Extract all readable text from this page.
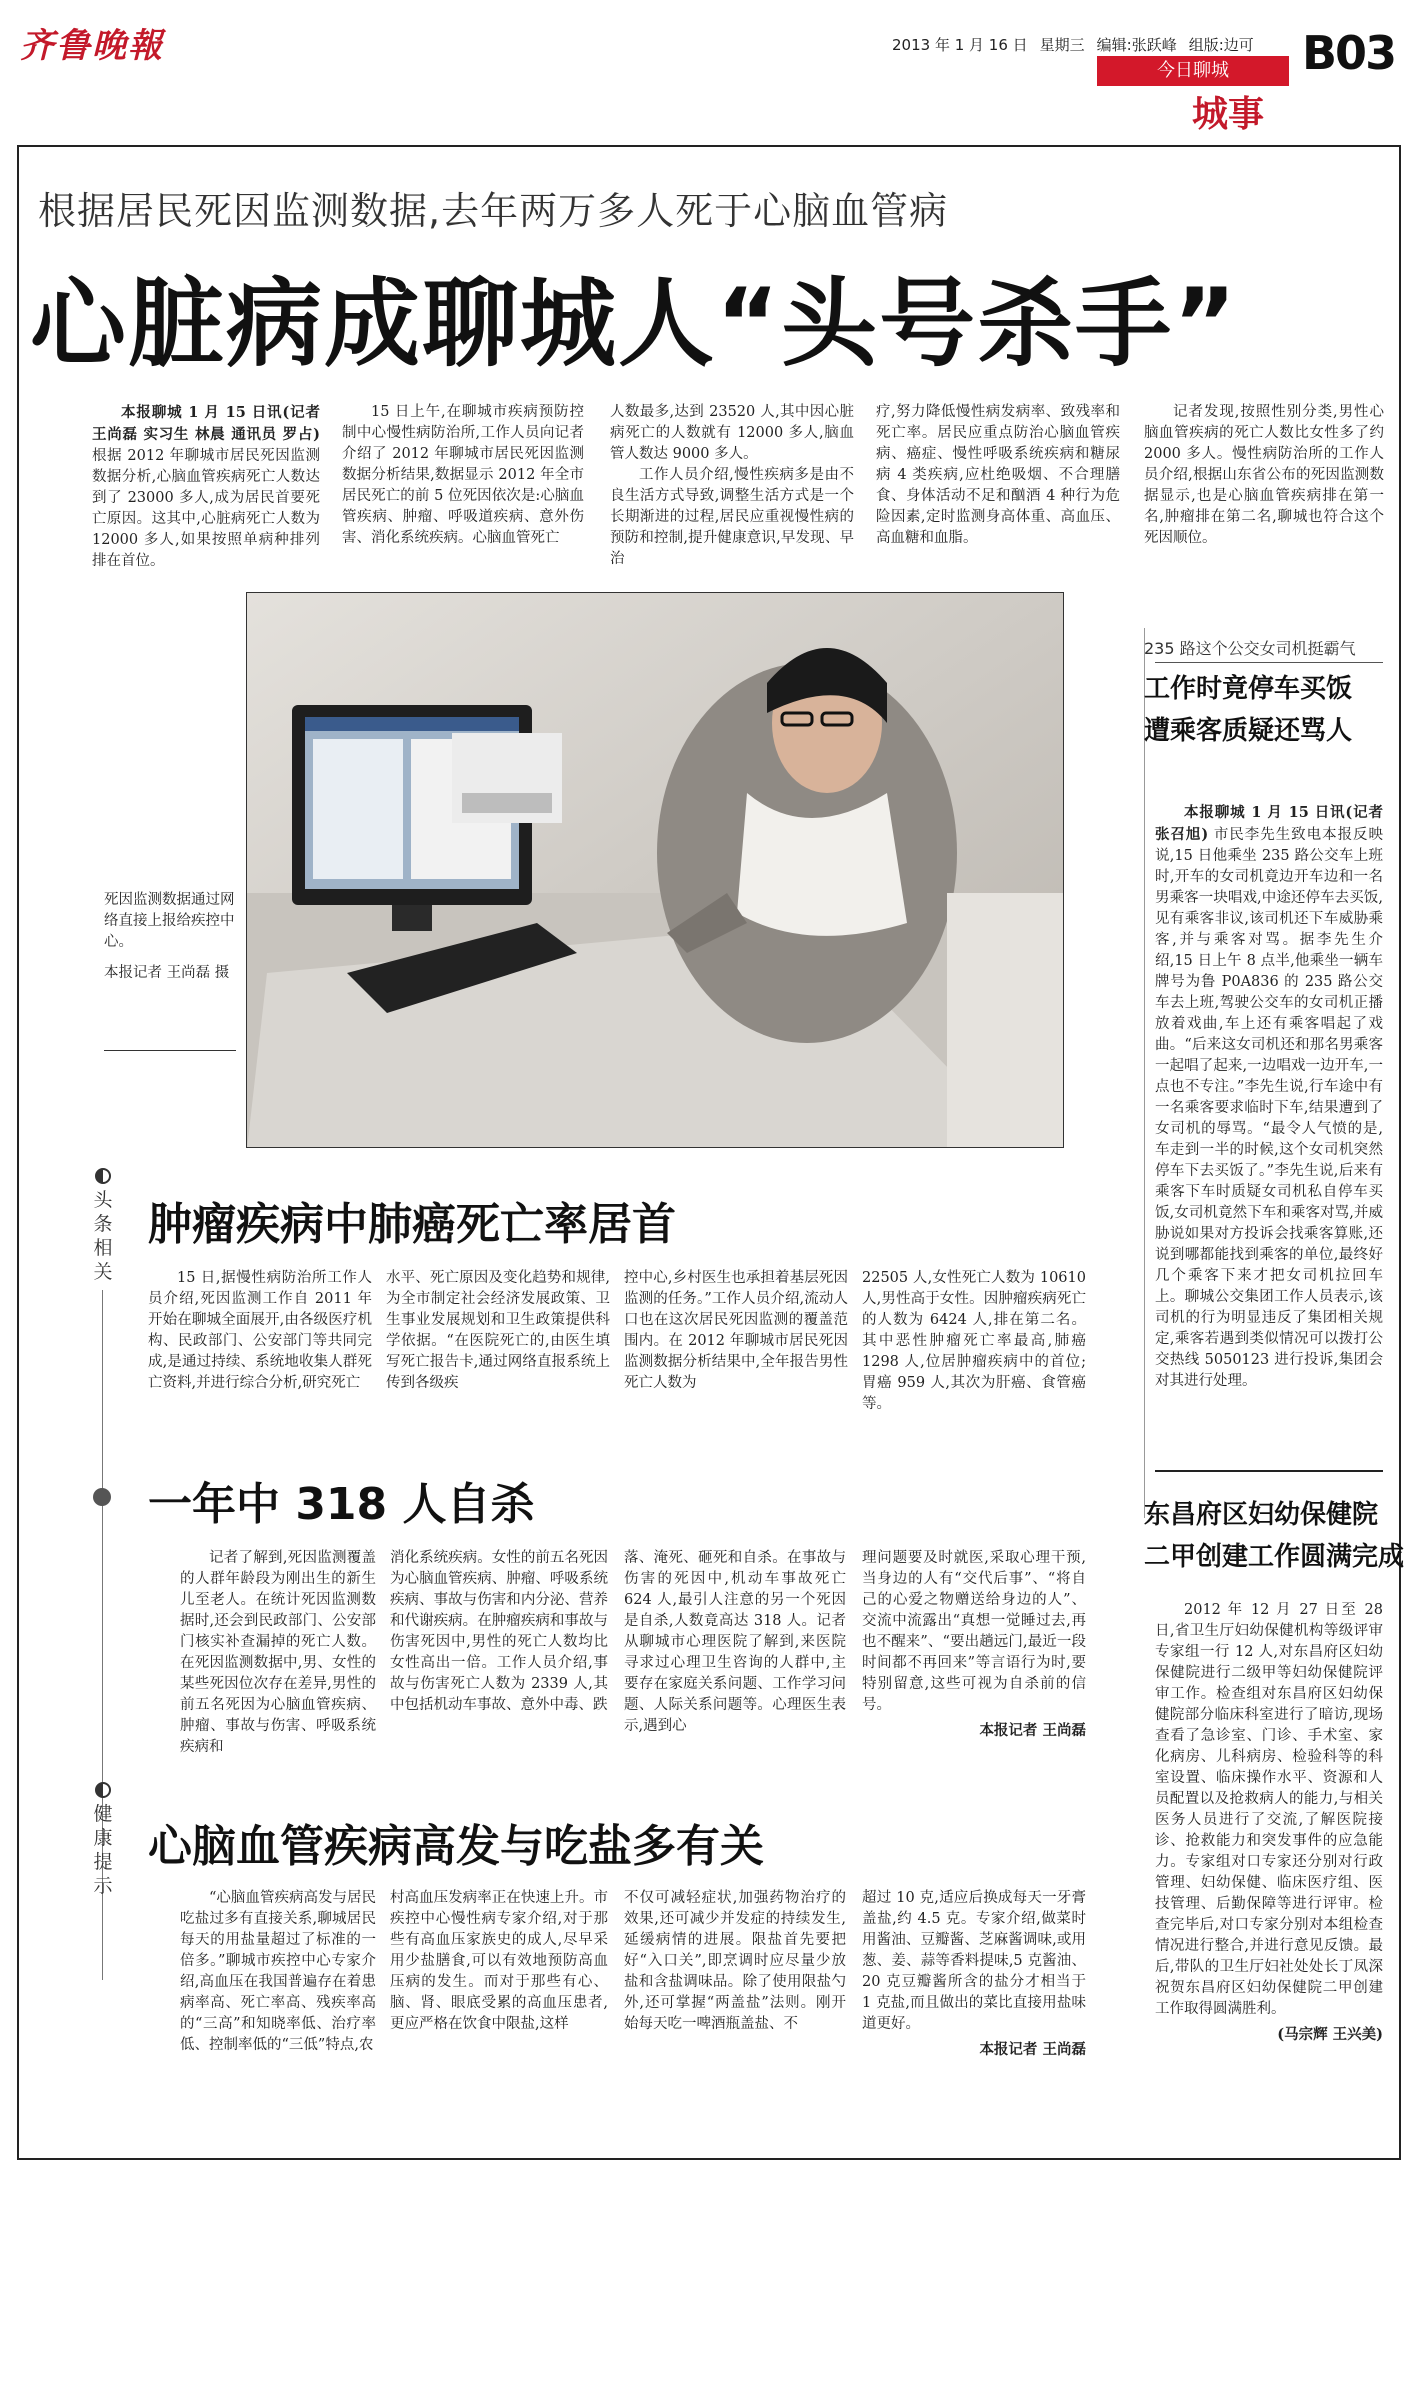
齐鲁晚報	2013 年 1 月 16 日 星期三 编辑:张跃峰 组版:边可
今日聊城
城事
B03
根据居民死因监测数据,去年两万多人死于心脑血管病
心脏病成聊城人“头号杀手”

本报聊城 1 月 15 日讯(记者 王尚磊 实习生 林晨 通讯员 罗占) 根据 2012 年聊城市居民死因监测数据分析,心脑血管疾病死亡人数达到了 23000 多人,成为居民首要死亡原因。这其中,心脏病死亡人数为 12000 多人,如果按照单病种排列排在首位。

15 日上午,在聊城市疾病预防控制中心慢性病防治所,工作人员向记者介绍了 2012 年聊城市居民死因监测数据分析结果,数据显示 2012 年全市居民死亡的前 5 位死因依次是:心脑血管疾病、肿瘤、呼吸道疾病、意外伤害、消化系统疾病。心脑血管死亡

人数最多,达到 23520 人,其中因心脏病死亡的人数就有 12000 多人,脑血管人数达 9000 多人。

工作人员介绍,慢性疾病多是由不良生活方式导致,调整生活方式是一个长期渐进的过程,居民应重视慢性病的预防和控制,提升健康意识,早发现、早治

疗,努力降低慢性病发病率、致残率和死亡率。居民应重点防治心脑血管疾病、癌症、慢性呼吸系统疾病和糖尿病 4 类疾病,应杜绝吸烟、不合理膳食、身体活动不足和酗酒 4 种行为危险因素,定时监测身高体重、高血压、高血糖和血脂。

记者发现,按照性别分类,男性心脑血管疾病的死亡人数比女性多了约 2000 多人。慢性病防治所的工作人员介绍,根据山东省公布的死因监测数据显示,也是心脑血管疾病排在第一名,肿瘤排在第二名,聊城也符合这个死因顺位。

死因监测数据通过网络直接上报给疾控中心。
本报记者 王尚磊 摄
头条相关
肿瘤疾病中肺癌死亡率居首

15 日,据慢性病防治所工作人员介绍,死因监测工作自 2011 年开始在聊城全面展开,由各级医疗机构、民政部门、公安部门等共同完成,是通过持续、系统地收集人群死亡资料,并进行综合分析,研究死亡

水平、死亡原因及变化趋势和规律,为全市制定社会经济发展政策、卫生事业发展规划和卫生政策提供科学依据。“在医院死亡的,由医生填写死亡报告卡,通过网络直报系统上传到各级疾

控中心,乡村医生也承担着基层死因监测的任务。”工作人员介绍,流动人口也在这次居民死因监测的覆盖范围内。在 2012 年聊城市居民死因监测数据分析结果中,全年报告男性死亡人数为

22505 人,女性死亡人数为 10610 人,男性高于女性。因肿瘤疾病死亡的人数为 6424 人,排在第二名。其中恶性肿瘤死亡率最高,肺癌 1298 人,位居肿瘤疾病中的首位;胃癌 959 人,其次为肝癌、食管癌等。

一年中 318 人自杀

记者了解到,死因监测覆盖的人群年龄段为刚出生的新生儿至老人。在统计死因监测数据时,还会到民政部门、公安部门核实补查漏掉的死亡人数。在死因监测数据中,男、女性的某些死因位次存在差异,男性的前五名死因为心脑血管疾病、肿瘤、事故与伤害、呼吸系统疾病和

消化系统疾病。女性的前五名死因为心脑血管疾病、肿瘤、呼吸系统疾病、事故与伤害和内分泌、营养和代谢疾病。在肿瘤疾病和事故与伤害死因中,男性的死亡人数均比女性高出一倍。工作人员介绍,事故与伤害死亡人数为 2339 人,其中包括机动车事故、意外中毒、跌

落、淹死、砸死和自杀。在事故与伤害的死因中,机动车事故死亡 624 人,最引人注意的另一个死因是自杀,人数竟高达 318 人。记者从聊城市心理医院了解到,来医院寻求过心理卫生咨询的人群中,主要存在家庭关系问题、工作学习问题、人际关系问题等。心理医生表示,遇到心

理问题要及时就医,采取心理干预,当身边的人有“交代后事”、“将自己的心爱之物赠送给身边的人”、交流中流露出“真想一觉睡过去,再也不醒来”、“要出趟远门,最近一段时间都不再回来”等言语行为时,要特别留意,这些可视为自杀前的信号。

本报记者 王尚磊
健康提示
心脑血管疾病高发与吃盐多有关

“心脑血管疾病高发与居民吃盐过多有直接关系,聊城居民每天的用盐量超过了标准的一倍多。”聊城市疾控中心专家介绍,高血压在我国普遍存在着患病率高、死亡率高、残疾率高的“三高”和知晓率低、治疗率低、控制率低的“三低”特点,农

村高血压发病率正在快速上升。市疾控中心慢性病专家介绍,对于那些有高血压家族史的成人,尽早采用少盐膳食,可以有效地预防高血压病的发生。而对于那些有心、脑、肾、眼底受累的高血压患者,更应严格在饮食中限盐,这样

不仅可减轻症状,加强药物治疗的效果,还可减少并发症的持续发生,延缓病情的进展。限盐首先要把好“入口关”,即烹调时应尽量少放盐和含盐调味品。除了使用限盐勺外,还可掌握“两盖盐”法则。刚开始每天吃一啤酒瓶盖盐、不

超过 10 克,适应后换成每天一牙膏盖盐,约 4.5 克。专家介绍,做菜时用酱油、豆瓣酱、芝麻酱调味,或用葱、姜、蒜等香料提味,5 克酱油、20 克豆瓣酱所含的盐分才相当于 1 克盐,而且做出的菜比直接用盐味道更好。

本报记者 王尚磊
235 路这个公交女司机挺霸气
工作时竟停车买饭
遭乘客质疑还骂人

本报聊城 1 月 15 日讯(记者 张召旭) 市民李先生致电本报反映说,15 日他乘坐 235 路公交车上班时,开车的女司机竟边开车边和一名男乘客一块唱戏,中途还停车去买饭,见有乘客非议,该司机还下车威胁乘客,并与乘客对骂。据李先生介绍,15 日上午 8 点半,他乘坐一辆车牌号为鲁 P0A836 的 235 路公交车去上班,驾驶公交车的女司机正播放着戏曲,车上还有乘客唱起了戏曲。“后来这女司机还和那名男乘客一起唱了起来,一边唱戏一边开车,一点也不专注。”李先生说,行车途中有一名乘客要求临时下车,结果遭到了女司机的辱骂。“最令人气愤的是,车走到一半的时候,这个女司机突然停车下去买饭了。”李先生说,后来有乘客下车时质疑女司机私自停车买饭,女司机竟然下车和乘客对骂,并威胁说如果对方投诉会找乘客算账,还说到哪都能找到乘客的单位,最终好几个乘客下来才把女司机拉回车上。聊城公交集团工作人员表示,该司机的行为明显违反了集团相关规定,乘客若遇到类似情况可以拨打公交热线 5050123 进行投诉,集团会对其进行处理。

东昌府区妇幼保健院
二甲创建工作圆满完成

2012 年 12 月 27 日至 28 日,省卫生厅妇幼保健机构等级评审专家组一行 12 人,对东昌府区妇幼保健院进行二级甲等妇幼保健院评审工作。检查组对东昌府区妇幼保健院部分临床科室进行了暗访,现场查看了急诊室、门诊、手术室、家化病房、儿科病房、检验科等的科室设置、临床操作水平、资源和人员配置以及抢救病人的能力,与相关医务人员进行了交流,了解医院接诊、抢救能力和突发事件的应急能力。专家组对口专家还分别对行政管理、妇幼保健、临床医疗组、医技管理、后勤保障等进行评审。检查完毕后,对口专家分别对本组检查情况进行整合,并进行意见反馈。最后,带队的卫生厅妇社处处长丁凤深祝贺东昌府区妇幼保健院二甲创建工作取得圆满胜利。

(马宗辉 王兴美)
